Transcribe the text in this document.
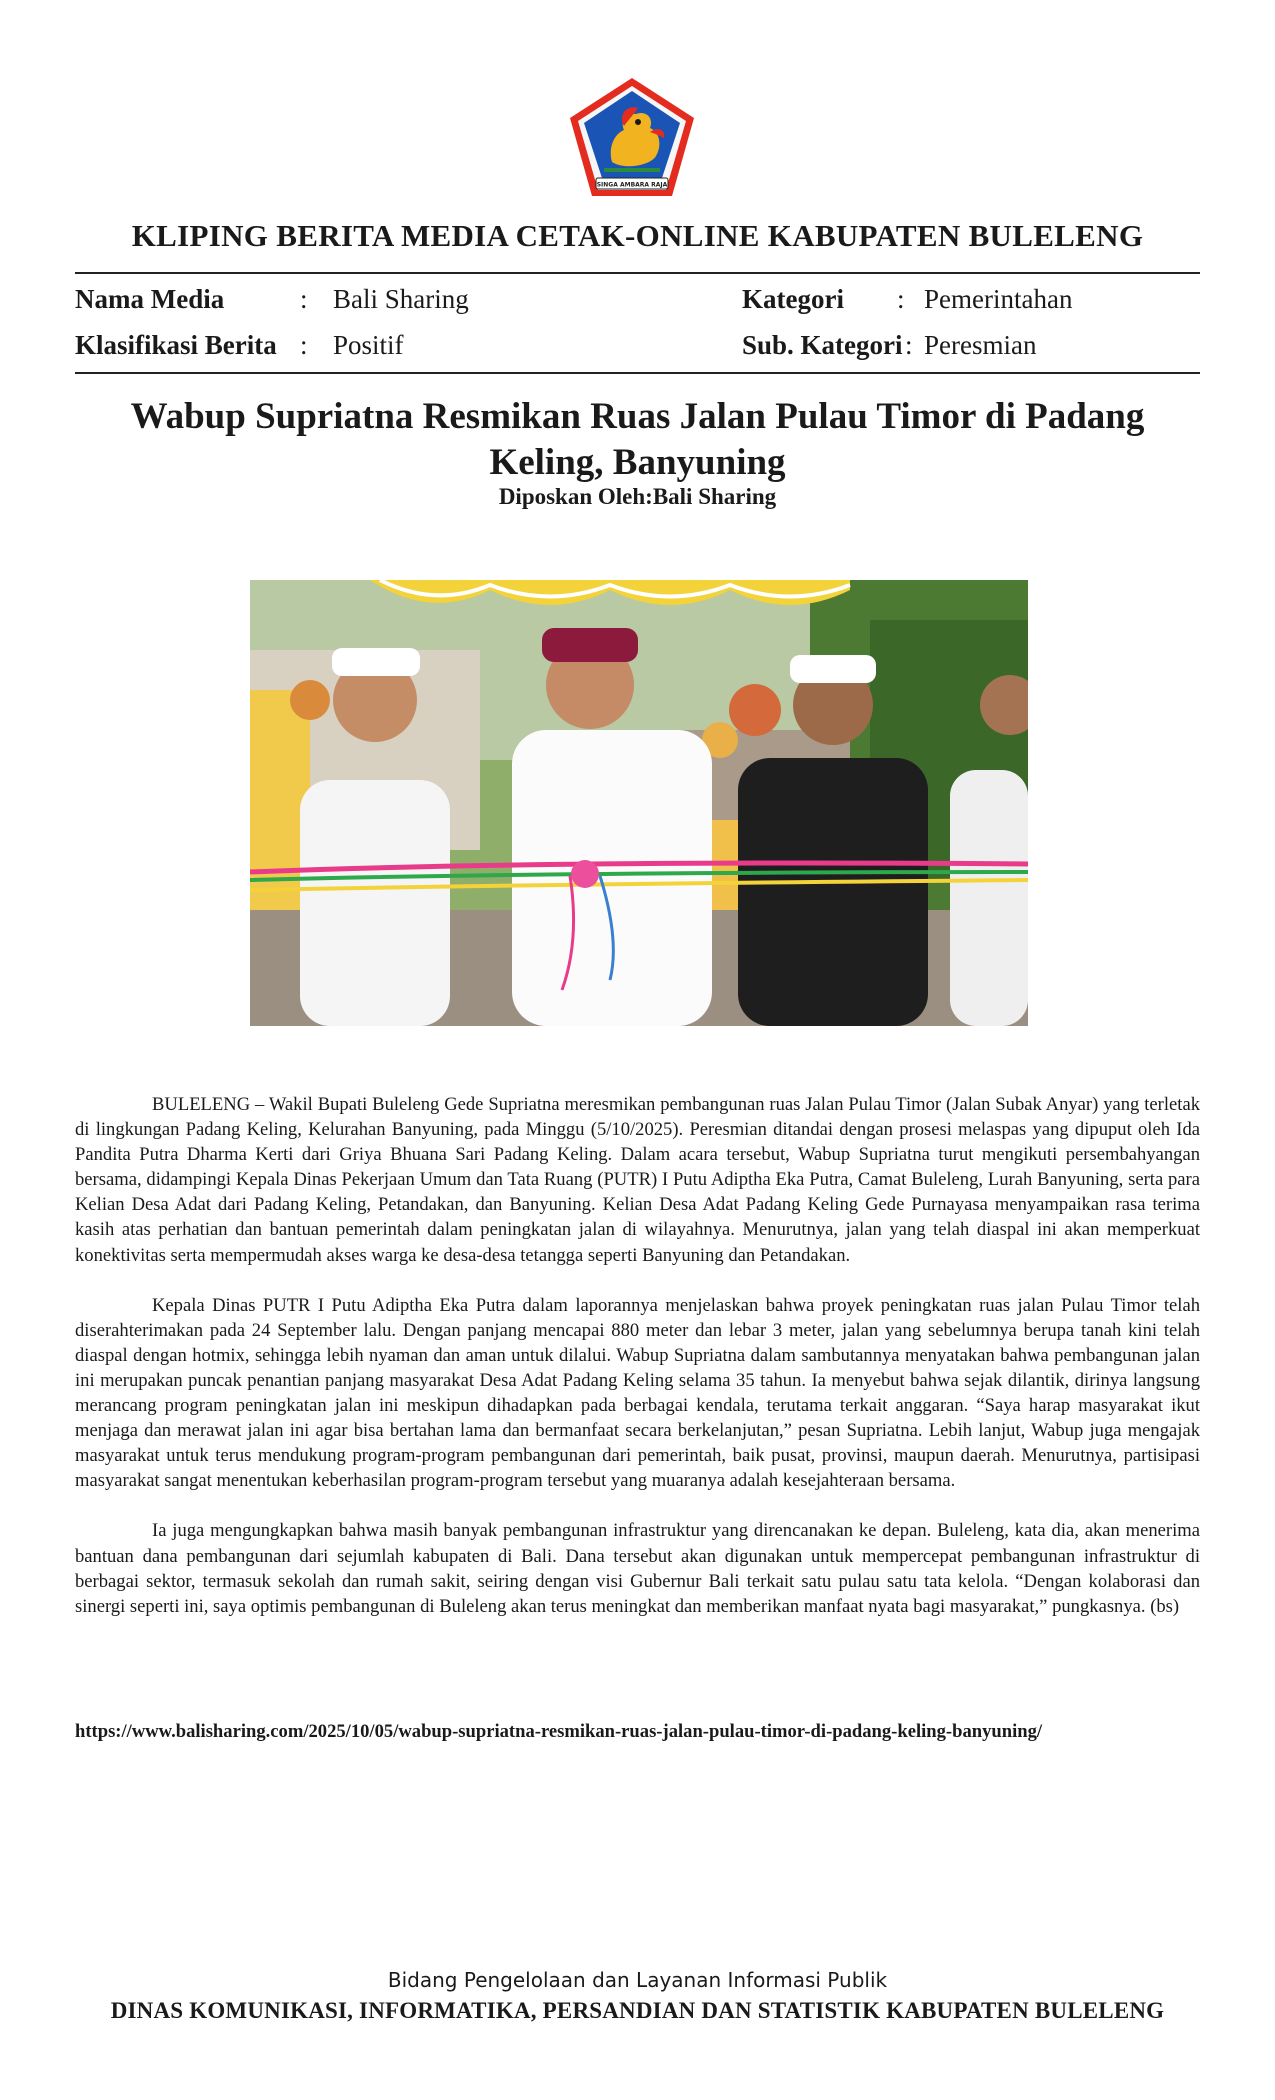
SINGA AMBARA RAJA
KLIPING BERITA MEDIA CETAK-ONLINE KABUPATEN BULELENG
Nama Media	: Bali Sharing
Klasifikasi Berita : Positif
Kategori : Pemerintahan
Sub. Kategori : Peresmian
Wabup Supriatna Resmikan Ruas Jalan Pulau Timor di Padang Keling, Banyuning
Diposkan Oleh:Bali Sharing

BULELENG – Wakil Bupati Buleleng Gede Supriatna meresmikan pembangunan ruas Jalan Pulau Timor (Jalan Subak Anyar) yang terletak di lingkungan Padang Keling, Kelurahan Banyuning, pada Minggu (5/10/2025). Peresmian ditandai dengan prosesi melaspas yang dipuput oleh Ida Pandita Putra Dharma Kerti dari Griya Bhuana Sari Padang Keling. Dalam acara tersebut, Wabup Supriatna turut mengikuti persembahyangan bersama, didampingi Kepala Dinas Pekerjaan Umum dan Tata Ruang (PUTR) I Putu Adiptha Eka Putra, Camat Buleleng, Lurah Banyuning, serta para Kelian Desa Adat dari Padang Keling, Petandakan, dan Banyuning. Kelian Desa Adat Padang Keling Gede Purnayasa menyampaikan rasa terima kasih atas perhatian dan bantuan pemerintah dalam peningkatan jalan di wilayahnya. Menurutnya, jalan yang telah diaspal ini akan memperkuat konektivitas serta mempermudah akses warga ke desa-desa tetangga seperti Banyuning dan Petandakan.

Kepala Dinas PUTR I Putu Adiptha Eka Putra dalam laporannya menjelaskan bahwa proyek peningkatan ruas jalan Pulau Timor telah diserahterimakan pada 24 September lalu. Dengan panjang mencapai 880 meter dan lebar 3 meter, jalan yang sebelumnya berupa tanah kini telah diaspal dengan hotmix, sehingga lebih nyaman dan aman untuk dilalui. Wabup Supriatna dalam sambutannya menyatakan bahwa pembangunan jalan ini merupakan puncak penantian panjang masyarakat Desa Adat Padang Keling selama 35 tahun. Ia menyebut bahwa sejak dilantik, dirinya langsung merancang program peningkatan jalan ini meskipun dihadapkan pada berbagai kendala, terutama terkait anggaran. “Saya harap masyarakat ikut menjaga dan merawat jalan ini agar bisa bertahan lama dan bermanfaat secara berkelanjutan,” pesan Supriatna. Lebih lanjut, Wabup juga mengajak masyarakat untuk terus mendukung program-program pembangunan dari pemerintah, baik pusat, provinsi, maupun daerah. Menurutnya, partisipasi masyarakat sangat menentukan keberhasilan program-program tersebut yang muaranya adalah kesejahteraan bersama.

Ia juga mengungkapkan bahwa masih banyak pembangunan infrastruktur yang direncanakan ke depan. Buleleng, kata dia, akan menerima bantuan dana pembangunan dari sejumlah kabupaten di Bali. Dana tersebut akan digunakan untuk mempercepat pembangunan infrastruktur di berbagai sektor, termasuk sekolah dan rumah sakit, seiring dengan visi Gubernur Bali terkait satu pulau satu tata kelola. “Dengan kolaborasi dan sinergi seperti ini, saya optimis pembangunan di Buleleng akan terus meningkat dan memberikan manfaat nyata bagi masyarakat,” pungkasnya. (bs)

https://www.balisharing.com/2025/10/05/wabup-supriatna-resmikan-ruas-jalan-pulau-timor-di-padang-keling-banyuning/
Bidang Pengelolaan dan Layanan Informasi Publik
DINAS KOMUNIKASI, INFORMATIKA, PERSANDIAN DAN STATISTIK KABUPATEN BULELENG
